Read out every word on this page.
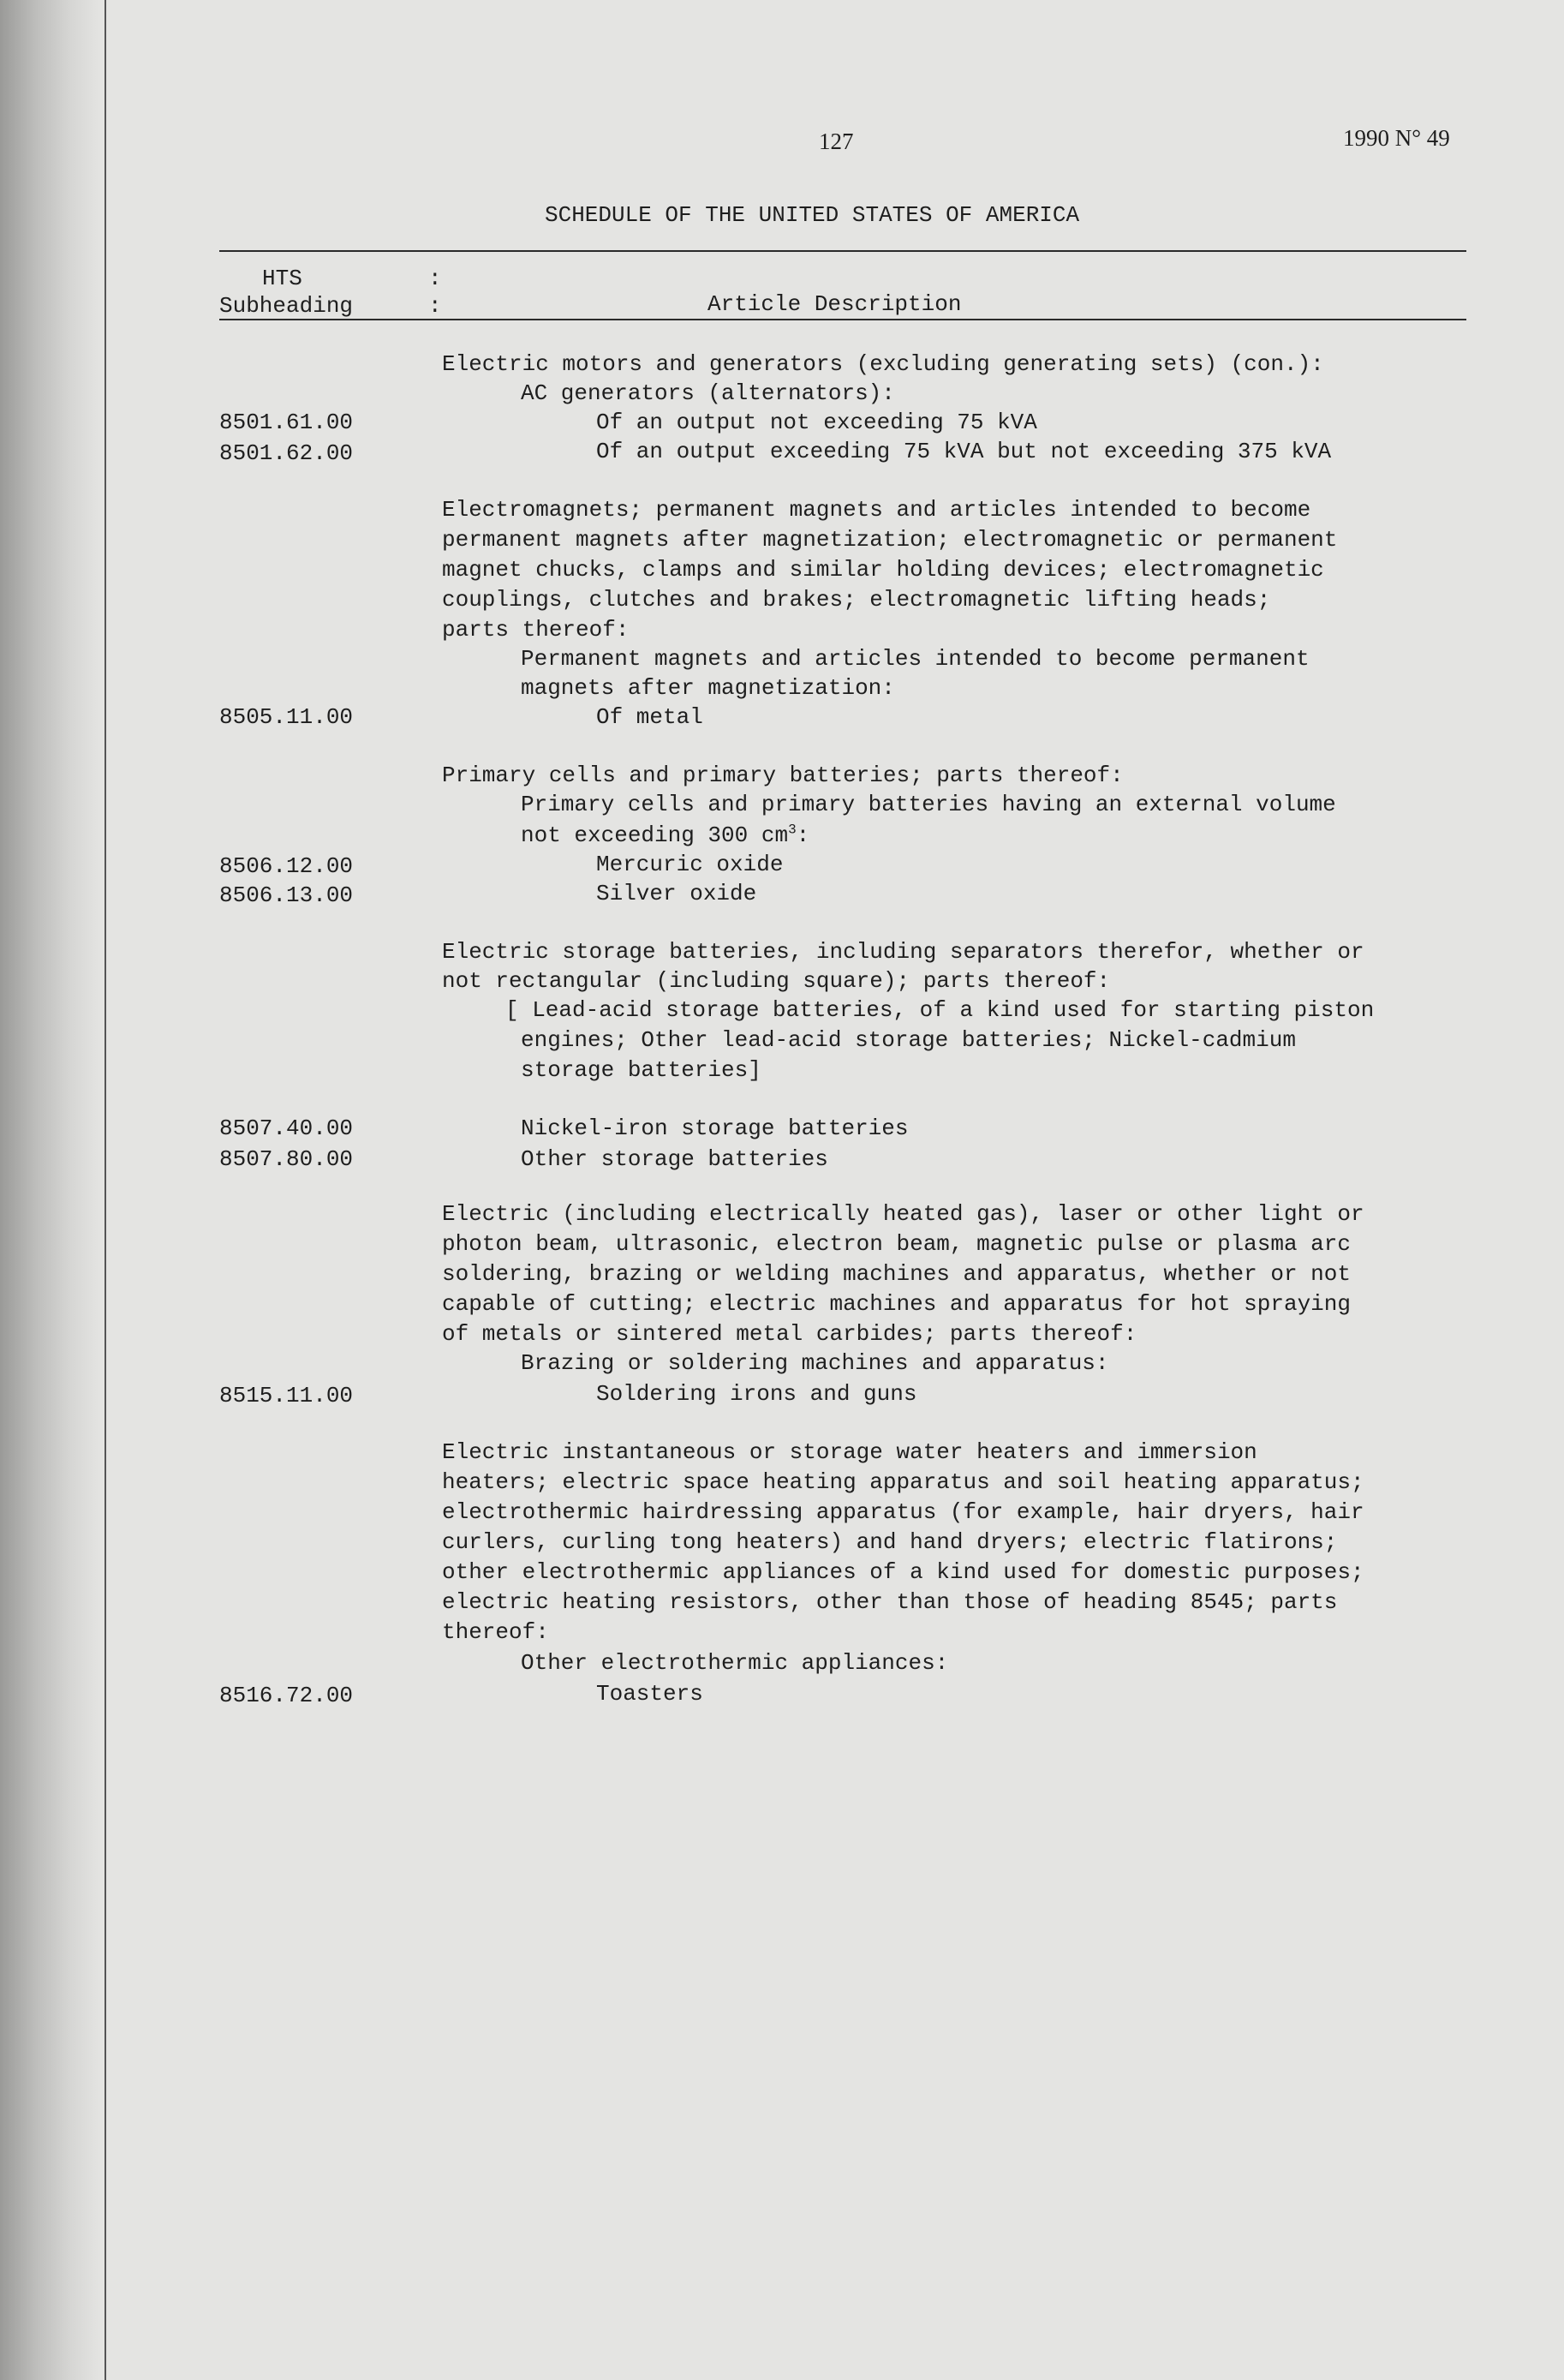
127	1990 N° 49
SCHEDULE OF THE UNITED STATES OF AMERICA
HTS	:
Subheading	:	Article Description
Electric motors and generators (excluding generating sets) (con.):
AC generators (alternators):
8501.61.00	Of an output not exceeding 75 kVA
8501.62.00	Of an output exceeding 75 kVA but not exceeding 375 kVA
Electromagnets; permanent magnets and articles intended to become
permanent magnets after magnetization; electromagnetic or permanent
magnet chucks, clamps and similar holding devices; electromagnetic
couplings, clutches and brakes; electromagnetic lifting heads;
parts thereof:
Permanent magnets and articles intended to become permanent
magnets after magnetization:
8505.11.00	Of metal
Primary cells and primary batteries; parts thereof:
Primary cells and primary batteries having an external volume
not exceeding 300 $cm^3$:
8506.12.00	Mercuric oxide
8506.13.00	Silver oxide
Electric storage batteries, including separators therefor, whether or
not rectangular (including square); parts thereof:
[ Lead-acid storage batteries, of a kind used for starting piston
engines; Other lead-acid storage batteries; Nickel-cadmium
storage batteries]
8507.40.00	Nickel-iron storage batteries
8507.80.00	Other storage batteries
Electric (including electrically heated gas), laser or other light or
photon beam, ultrasonic, electron beam, magnetic pulse or plasma arc
soldering, brazing or welding machines and apparatus, whether or not
capable of cutting; electric machines and apparatus for hot spraying
of metals or sintered metal carbides; parts thereof:
Brazing or soldering machines and apparatus:
8515.11.00	Soldering irons and guns
Electric instantaneous or storage water heaters and immersion
heaters; electric space heating apparatus and soil heating apparatus;
electrothermic hairdressing apparatus (for example, hair dryers, hair
curlers, curling tong heaters) and hand dryers; electric flatirons;
other electrothermic appliances of a kind used for domestic purposes;
electric heating resistors, other than those of heading 8545; parts
thereof:
Other electrothermic appliances:
8516.72.00	Toasters
